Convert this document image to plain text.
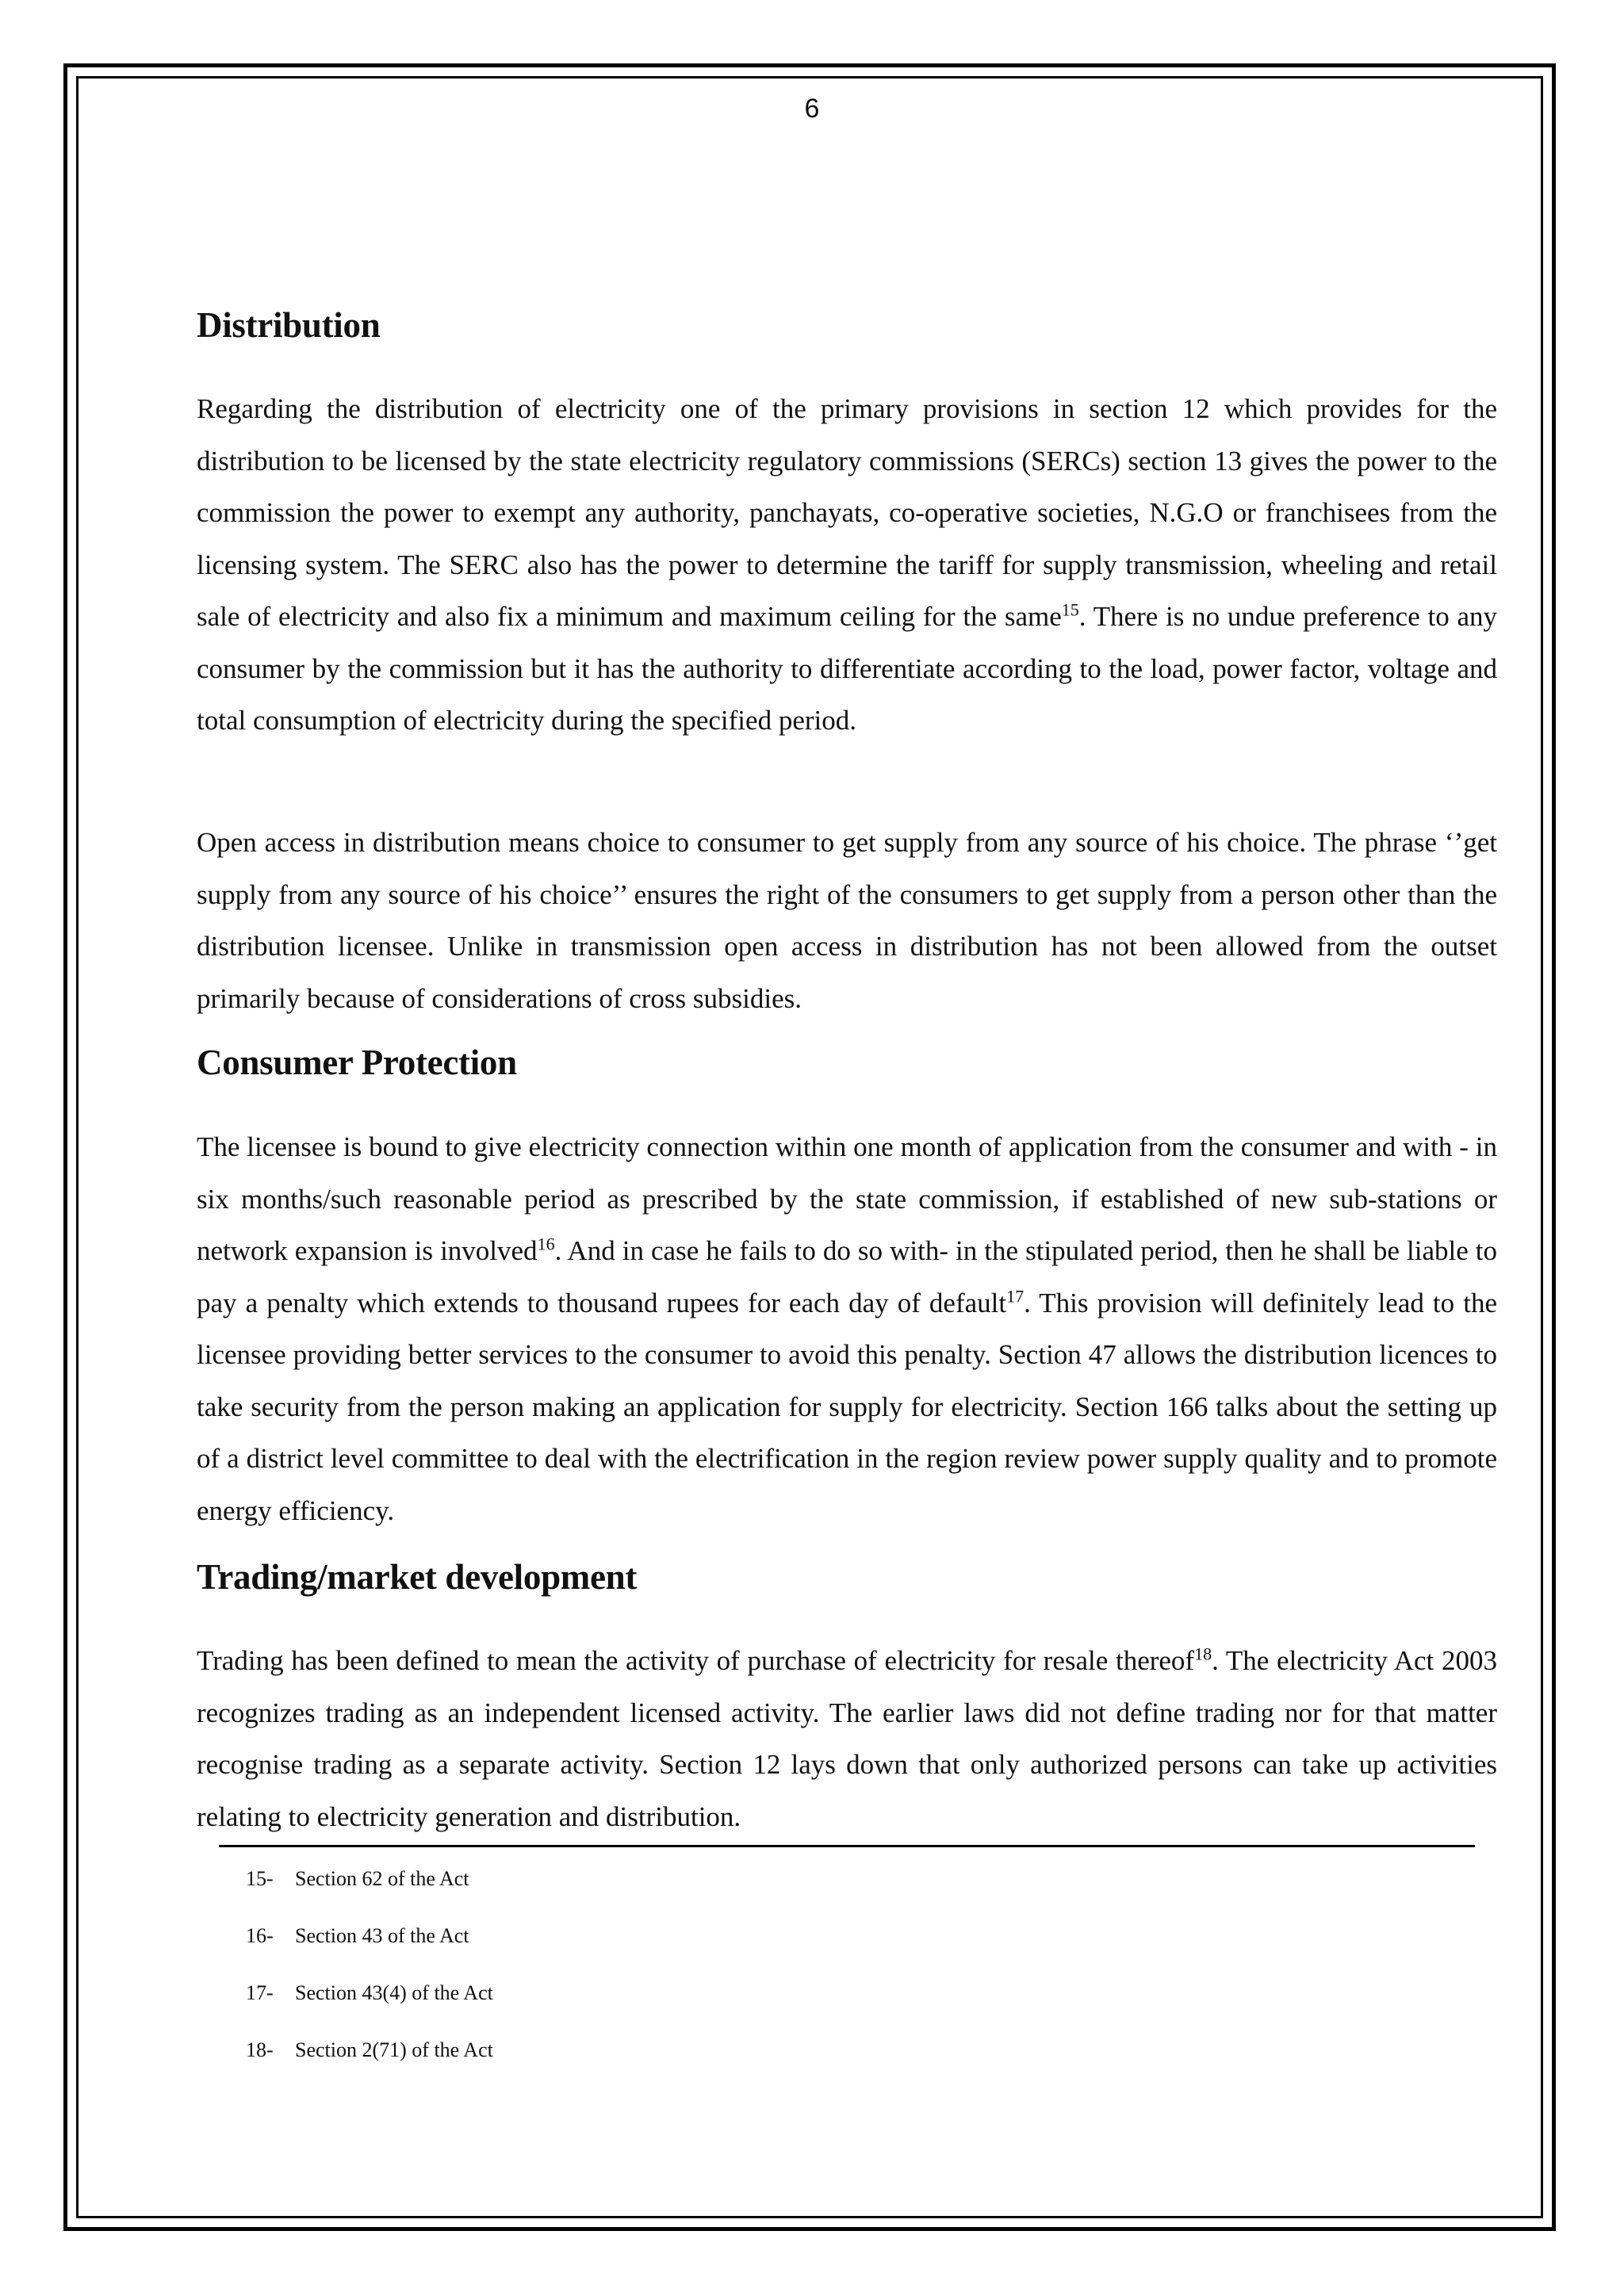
6
Distribution

Regarding the distribution of electricity one of the primary provisions in section 12 which provides for the distribution to be licensed by the state electricity regulatory commissions (SERCs) section 13 gives the power to the commission the power to exempt any authority, panchayats, co-operative societies, N.G.O or franchisees from the licensing system. The SERC also has the power to determine the tariff for supply transmission, wheeling and retail sale of electricity and also fix a minimum and maximum ceiling for the same$^{15}$. There is no undue preference to any consumer by the commission but it has the authority to differentiate according to the load, power factor, voltage and total consumption of electricity during the specified period.

Open access in distribution means choice to consumer to get supply from any source of his choice. The phrase ‘’get supply from any source of his choice’’ ensures the right of the consumers to get supply from a person other than the distribution licensee. Unlike in transmission open access in distribution has not been allowed from the outset primarily because of considerations of cross subsidies.

Consumer Protection

The licensee is bound to give electricity connection within one month of application from the consumer and with - in six months/such reasonable period as prescribed by the state commission, if established of new sub-stations or network expansion is involved$^{16}$. And in case he fails to do so with- in the stipulated period, then he shall be liable to pay a penalty which extends to thousand rupees for each day of default$^{17}$. This provision will definitely lead to the licensee providing better services to the consumer to avoid this penalty. Section 47 allows the distribution licences to take security from the person making an application for supply for electricity. Section 166 talks about the setting up of a district level committee to deal with the electrification in the region review power supply quality and to promote energy efficiency.

Trading/market development

Trading has been defined to mean the activity of purchase of electricity for resale thereof$^{18}$. The electricity Act 2003 recognizes trading as an independent licensed activity. The earlier laws did not define trading nor for that matter recognise trading as a separate activity. Section 12 lays down that only authorized persons can take up activities relating to electricity generation and distribution.

15- Section 62 of the Act
16- Section 43 of the Act
17- Section 43(4) of the Act
18- Section 2(71) of the Act
